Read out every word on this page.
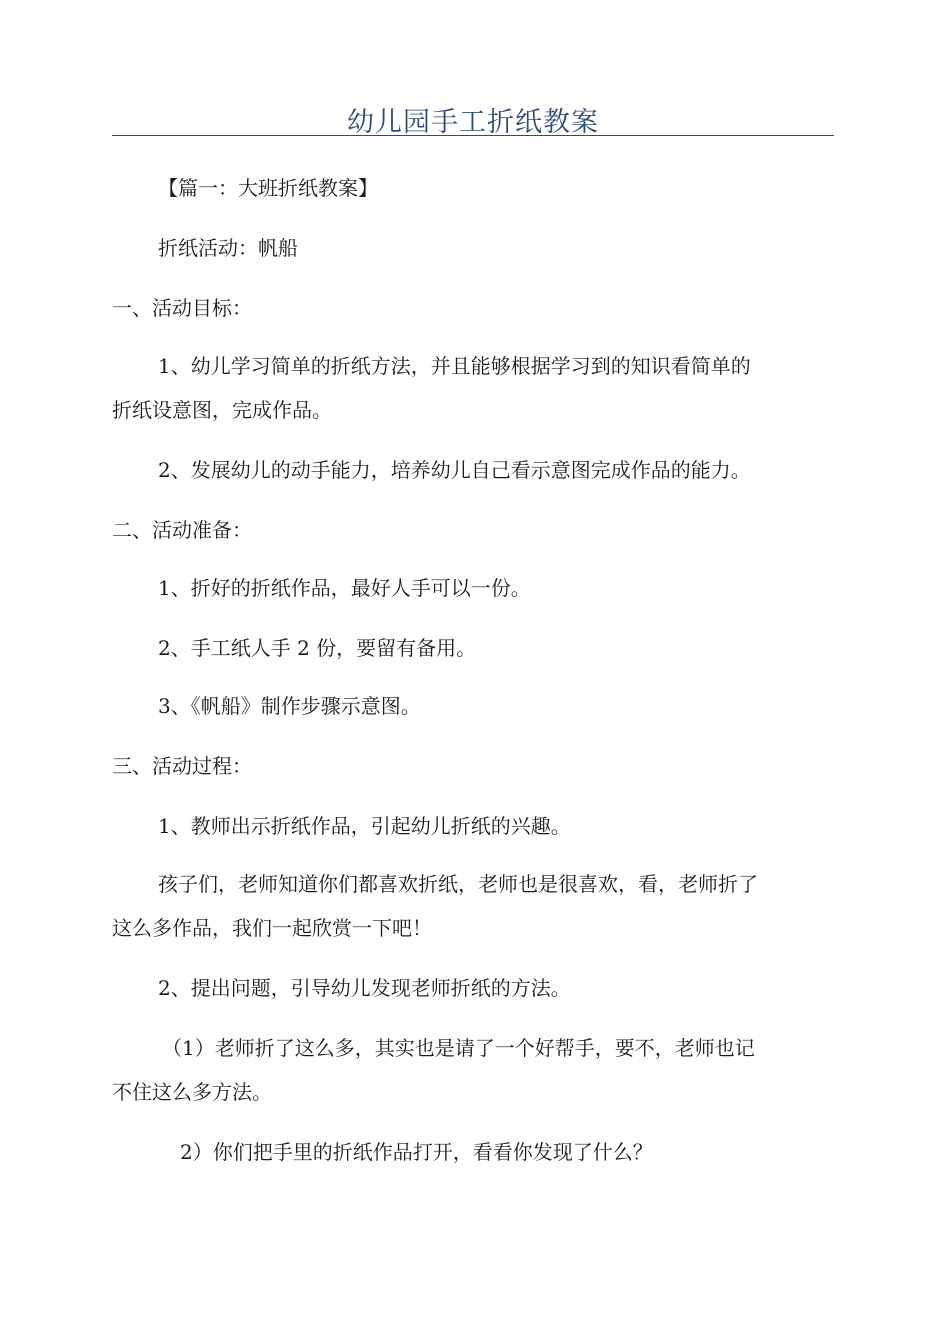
幼儿园手工折纸教案
【篇一：大班折纸教案】
折纸活动：帆船
一、活动目标：
1、幼儿学习简单的折纸方法，并且能够根据学习到的知识看简单的
折纸设意图，完成作品。
2、发展幼儿的动手能力，培养幼儿自己看示意图完成作品的能力。
二、活动准备：
1、折好的折纸作品，最好人手可以一份。
2、手工纸人手 2 份，要留有备用。
3、《帆船》制作步骤示意图。
三、活动过程：
1、教师出示折纸作品，引起幼儿折纸的兴趣。
孩子们，老师知道你们都喜欢折纸，老师也是很喜欢，看，老师折了
这么多作品，我们一起欣赏一下吧！
2、提出问题，引导幼儿发现老师折纸的方法。
（1）老师折了这么多，其实也是请了一个好帮手，要不，老师也记
不住这么多方法。
2）你们把手里的折纸作品打开，看看你发现了什么？
